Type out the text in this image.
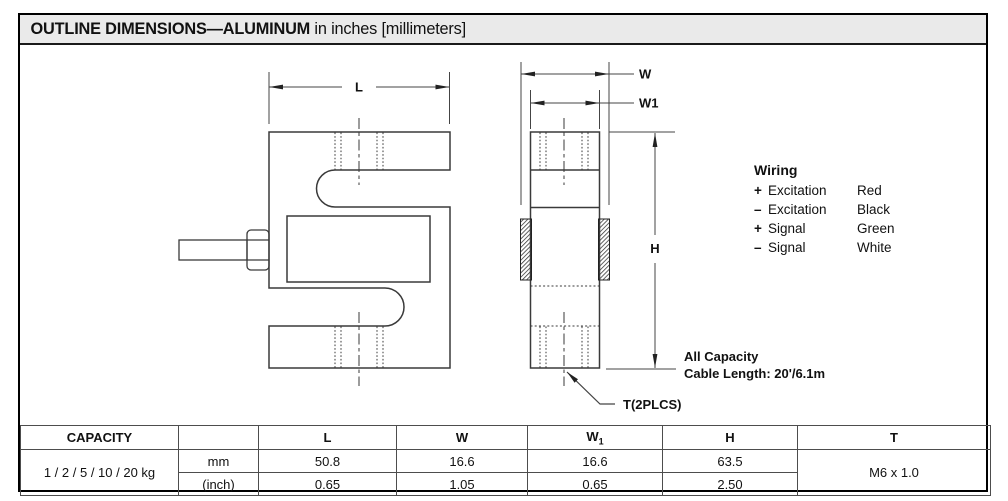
OUTLINE DIMENSIONS—ALUMINUM in inches [millimeters]
L
W
W1
H
T(2PLCS)
Wiring
+ Excitation	Red
– Excitation	Black
+ Signal	Green
– Signal	White
All Capacity
Cable Length: 20'/6.1m
CAPACITY		L	W	$W_1$	H	T
1 / 2 / 5 / 10 / 20 kg	mm	50.8	16.6	16.6	63.5	M6 x 1.0
	(inch)	0.65	1.05	0.65	2.50	
